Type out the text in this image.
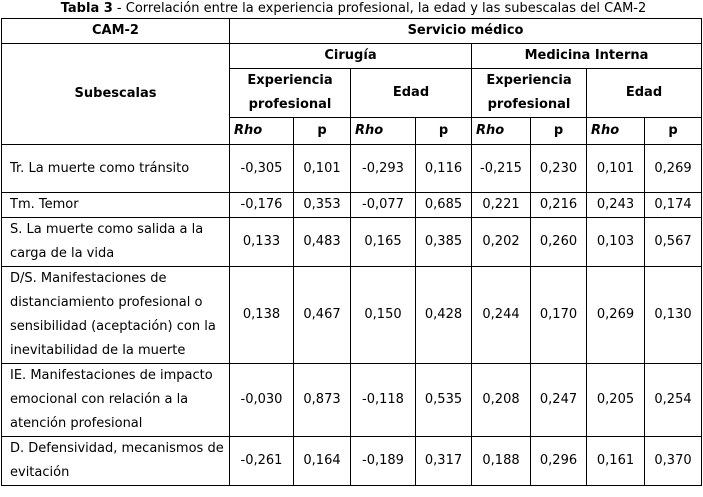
Tabla 3 - Correlación entre la experiencia profesional, la edad y las subescalas del CAM-2
CAM-2	Servicio médico							
Subescalas	Cirugía				Medicina Interna			
	Experiencia profesional		Edad		Experiencia profesional		Edad	
	Rho	p	Rho	p	Rho	p	Rho	p
Tr. La muerte como tránsito	-0,305	0,101	-0,293	0,116	-0,215	0,230	0,101	0,269
Tm. Temor	-0,176	0,353	-0,077	0,685	0,221	0,216	0,243	0,174
S. La muerte como salida a la carga de la vida	0,133	0,483	0,165	0,385	0,202	0,260	0,103	0,567
D/S. Manifestaciones de distanciamiento profesional o sensibilidad (aceptación) con la inevitabilidad de la muerte	0,138	0,467	0,150	0,428	0,244	0,170	0,269	0,130
IE. Manifestaciones de impacto emocional con relación a la atención profesional	-0,030	0,873	-0,118	0,535	0,208	0,247	0,205	0,254
D. Defensividad, mecanismos de evitación	-0,261	0,164	-0,189	0,317	0,188	0,296	0,161	0,370
